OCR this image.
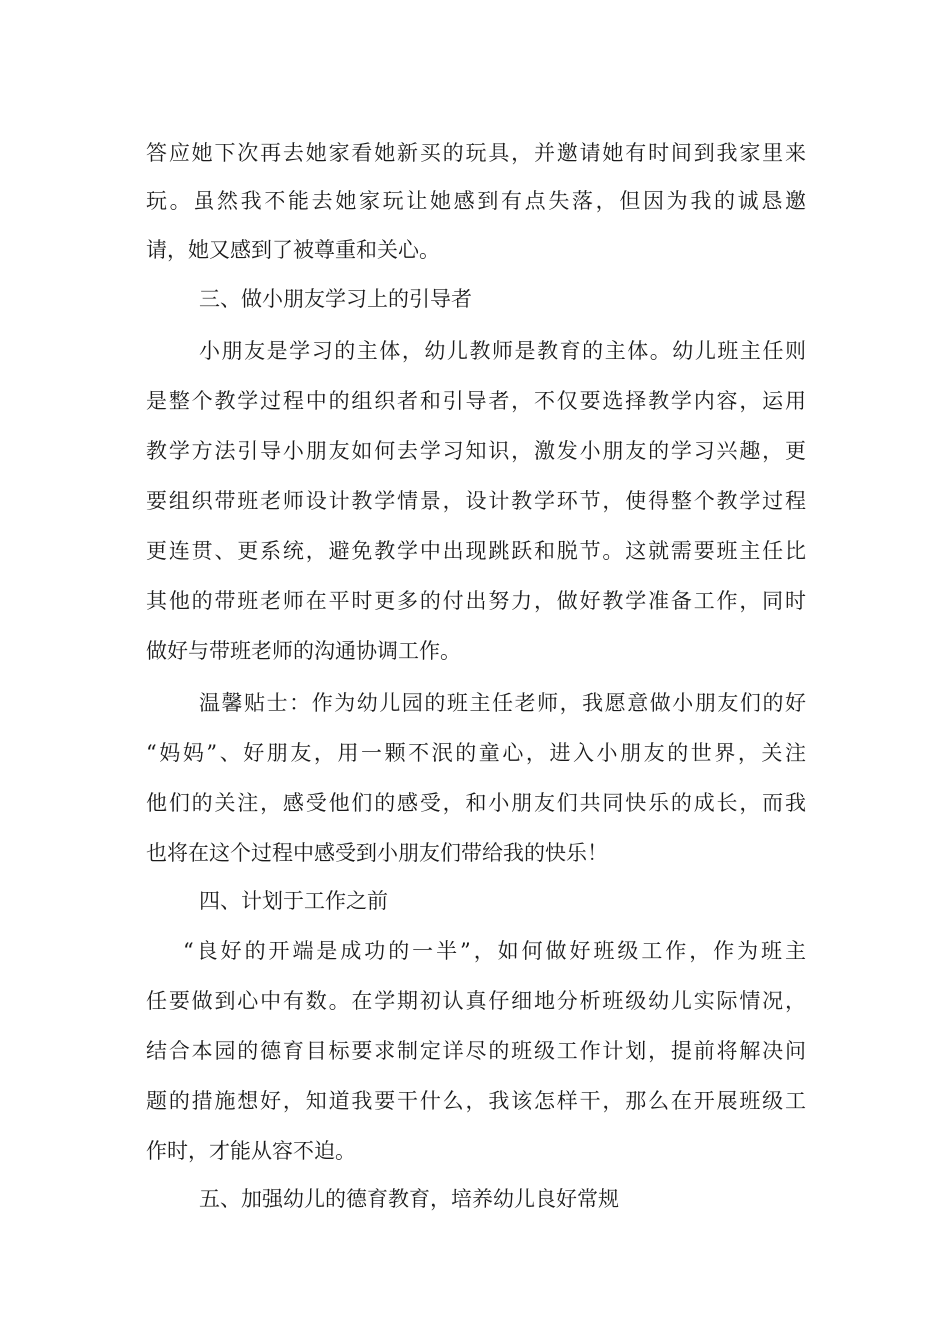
答应她下次再去她家看她新买的玩具，并邀请她有时间到我家里来

玩。虽然我不能去她家玩让她感到有点失落，但因为我的诚恳邀

请，她又感到了被尊重和关心。

三、做小朋友学习上的引导者

小朋友是学习的主体，幼儿教师是教育的主体。幼儿班主任则

是整个教学过程中的组织者和引导者，不仅要选择教学内容，运用

教学方法引导小朋友如何去学习知识，激发小朋友的学习兴趣，更

要组织带班老师设计教学情景，设计教学环节，使得整个教学过程

更连贯、更系统，避免教学中出现跳跃和脱节。这就需要班主任比

其他的带班老师在平时更多的付出努力，做好教学准备工作，同时

做好与带班老师的沟通协调工作。

温馨贴士：作为幼儿园的班主任老师，我愿意做小朋友们的好

“妈妈”、好朋友，用一颗不泯的童心，进入小朋友的世界，关注

他们的关注，感受他们的感受，和小朋友们共同快乐的成长，而我

也将在这个过程中感受到小朋友们带给我的快乐！

四、计划于工作之前

“良好的开端是成功的一半”，如何做好班级工作，作为班主

任要做到心中有数。在学期初认真仔细地分析班级幼儿实际情况，

结合本园的德育目标要求制定详尽的班级工作计划，提前将解决问

题的措施想好，知道我要干什么，我该怎样干，那么在开展班级工

作时，才能从容不迫。

五、加强幼儿的德育教育，培养幼儿良好常规
